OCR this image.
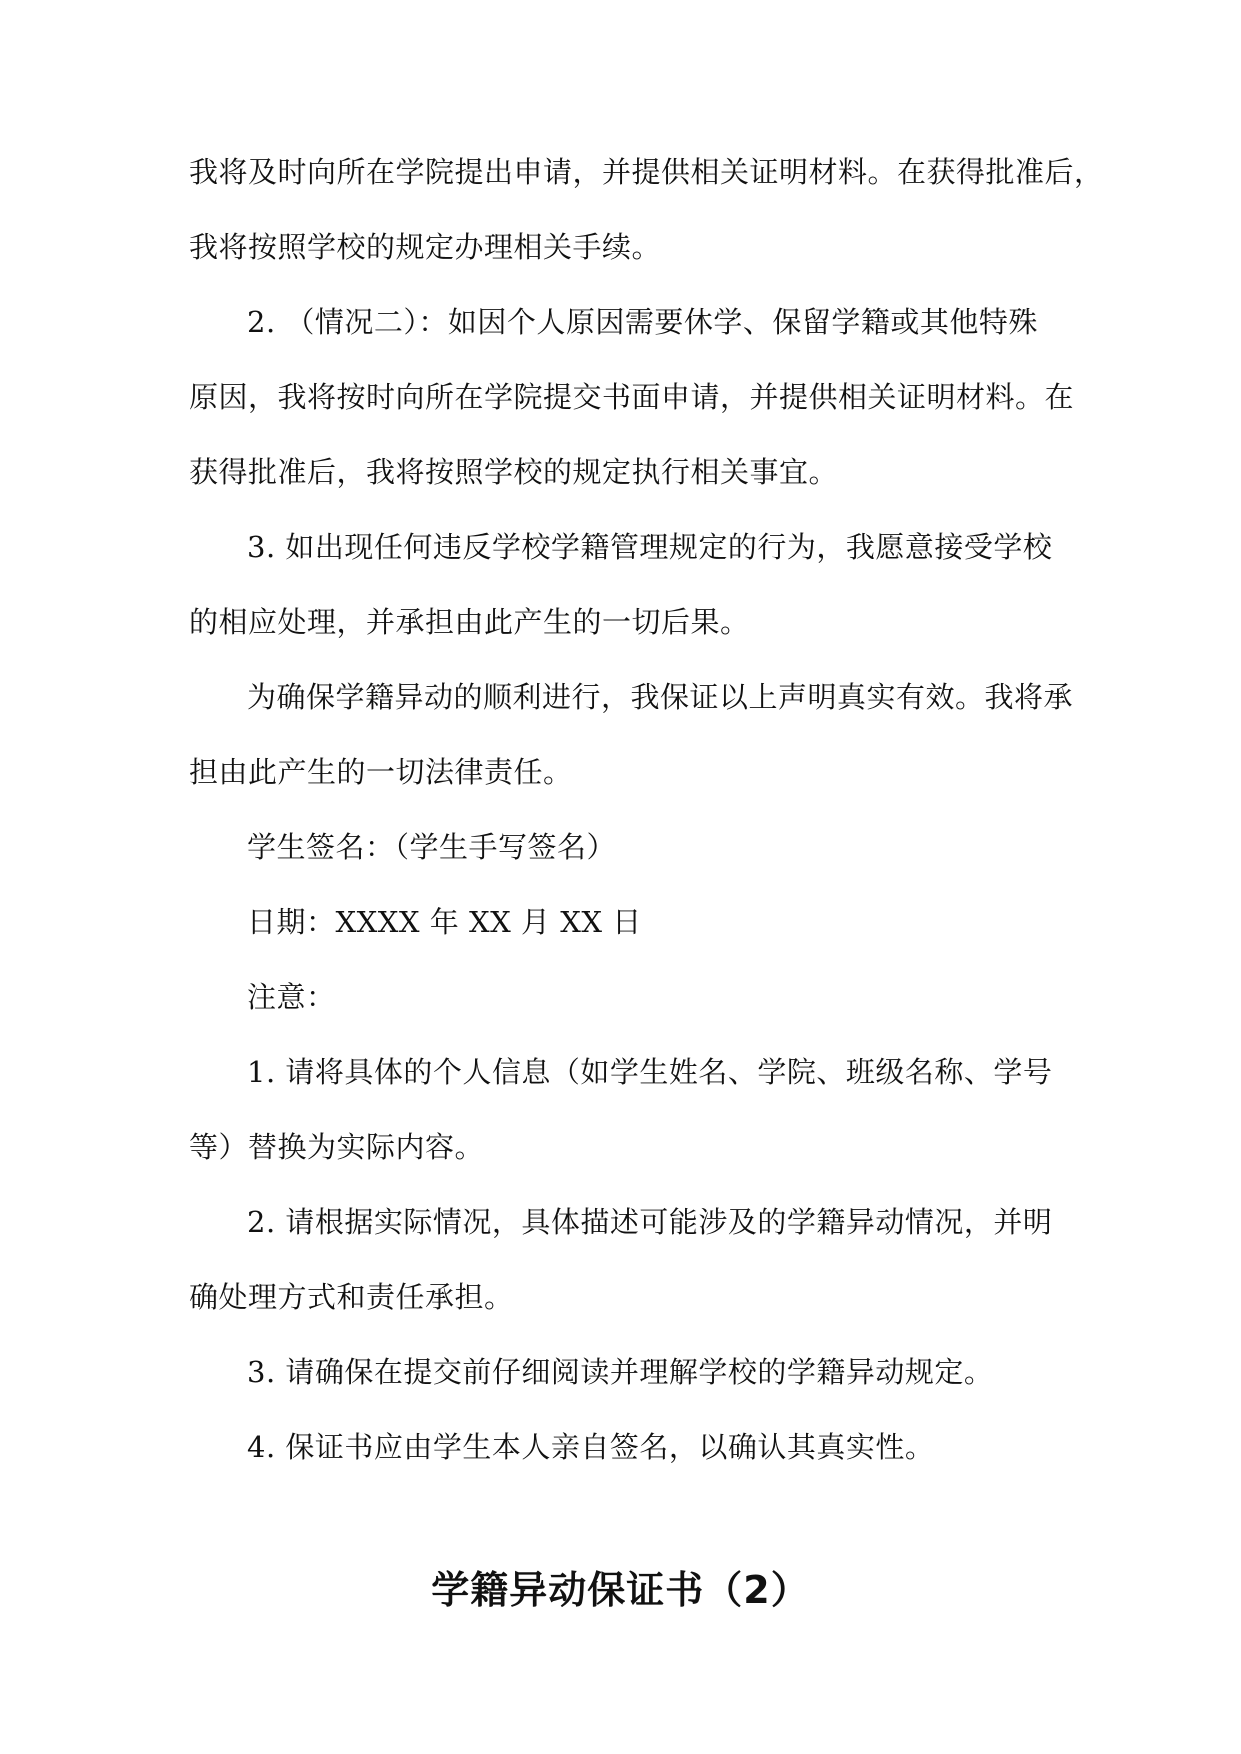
我将及时向所在学院提出申请，并提供相关证明材料。在获得批准后，
我将按照学校的规定办理相关手续。
2. （情况二）：如因个人原因需要休学、保留学籍或其他特殊
原因，我将按时向所在学院提交书面申请，并提供相关证明材料。在
获得批准后，我将按照学校的规定执行相关事宜。
3. 如出现任何违反学校学籍管理规定的行为，我愿意接受学校
的相应处理，并承担由此产生的一切后果。
为确保学籍异动的顺利进行，我保证以上声明真实有效。我将承
担由此产生的一切法律责任。
学生签名：（学生手写签名）
日期：XXXX 年 XX 月 XX 日
注意：
1. 请将具体的个人信息（如学生姓名、学院、班级名称、学号
等）替换为实际内容。
2. 请根据实际情况，具体描述可能涉及的学籍异动情况，并明
确处理方式和责任承担。
3. 请确保在提交前仔细阅读并理解学校的学籍异动规定。
4. 保证书应由学生本人亲自签名，以确认其真实性。
学籍异动保证书（2）
